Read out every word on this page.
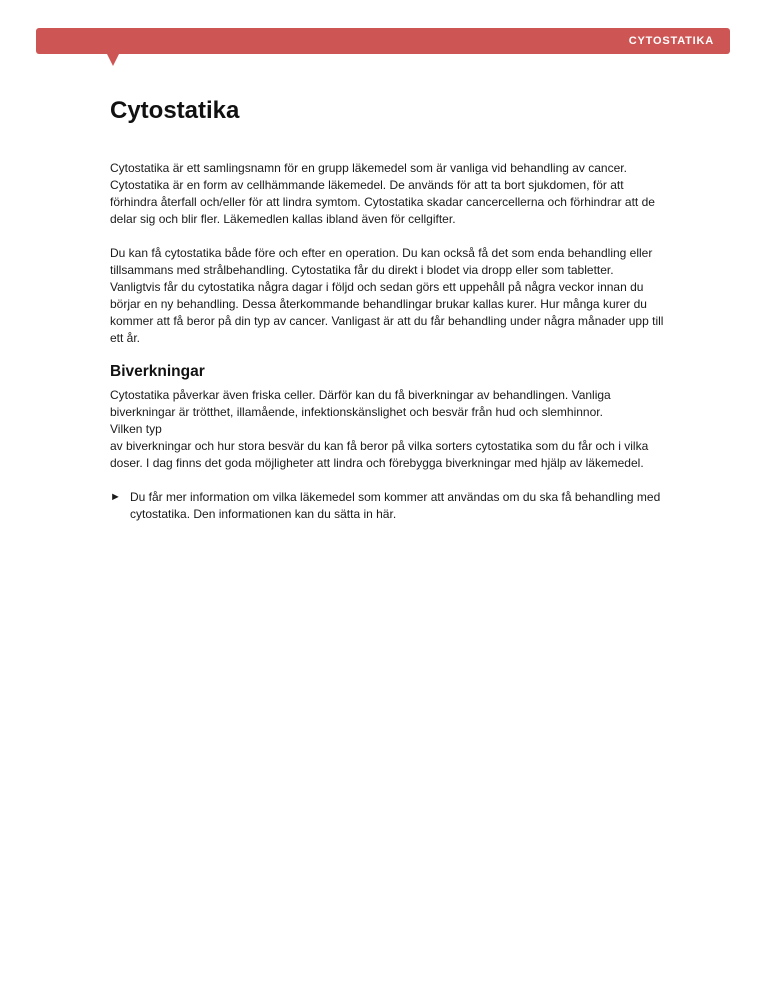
CYTOSTATIKA
Cytostatika

Cytostatika är ett samlingsnamn för en grupp läkemedel som är vanliga vid behandling av cancer. Cytostatika är en form av cellhämmande läkemedel. De används för att ta bort sjukdomen, för att förhindra återfall och/eller för att lindra symtom. Cytostatika skadar cancercellerna och förhindrar att de delar sig och blir fler. Läkemedlen kallas ibland även för cellgifter.

Du kan få cytostatika både före och efter en operation. Du kan också få det som enda behandling eller tillsammans med strålbehandling. Cytostatika får du direkt i blodet via dropp eller som tabletter. Vanligtvis får du cytostatika några dagar i följd och sedan görs ett uppehåll på några veckor innan du börjar en ny behandling. Dessa återkommande behandlingar brukar kallas kurer. Hur många kurer du kommer att få beror på din typ av cancer. Vanligast är att du får behandling under några månader upp till ett år.

Biverkningar

Cytostatika påverkar även friska celler. Därför kan du få biverkningar av behandlingen. Vanliga biverkningar är trötthet, illamående, infektionskänslighet och besvär från hud och slemhinnor.
Vilken typ
av biverkningar och hur stora besvär du kan få beror på vilka sorters cytostatika som du får och i vilka doser. I dag finns det goda möjligheter att lindra och förebygga biverkningar med hjälp av läkemedel.

► Du får mer information om vilka läkemedel som kommer att användas om du ska få behandling med cytostatika. Den informationen kan du sätta in här.
